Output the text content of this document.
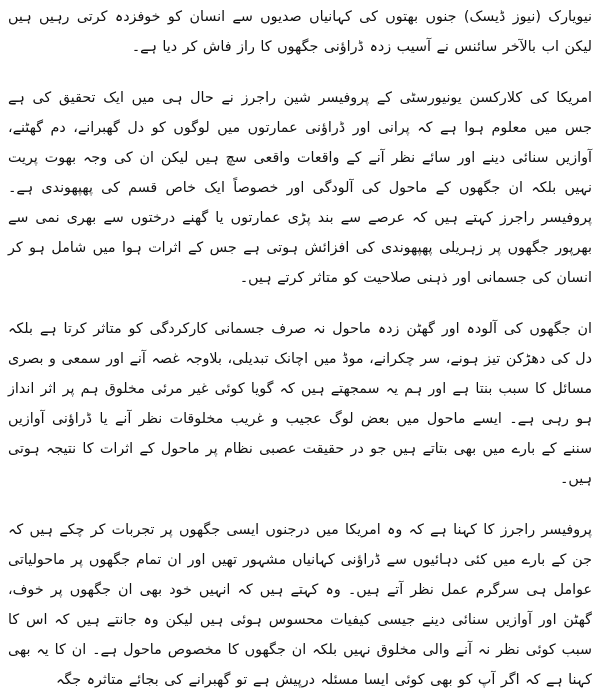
نیویارک (نیوز ڈیسک) جنوں بھتوں کی کہانیاں صدیوں سے انسان کو خوفزدہ کرتی رہیں ہیں لیکن اب بالآخر سائنس نے آسیب زدہ ڈراؤنی جگھوں کا راز فاش کر دیا ہے۔

امریکا کی کلارکسن یونیورسٹی کے پروفیسر شین راجرز نے حال ہی میں ایک تحقیق کی ہے جس میں معلوم ہوا ہے کہ پرانی اور ڈراؤنی عمارتوں میں لوگوں کو دل گھبرانے، دم گھٹنے، آوازیں سنائی دینے اور سائے نظر آنے کے واقعات واقعی سچ ہیں لیکن ان کی وجہ بھوت پریت نہیں بلکہ ان جگھوں کے ماحول کی آلودگی اور خصوصاً ایک خاص قسم کی پھپھوندی ہے۔ پروفیسر راجرز کہتے ہیں کہ عرصے سے بند پڑی عمارتوں یا گھنے درختوں سے بھری نمی سے بھرپور جگھوں پر زہریلی پھپھوندی کی افزائش ہوتی ہے جس کے اثرات ہوا میں شامل ہو کر انسان کی جسمانی اور ذہنی صلاحیت کو متاثر کرتے ہیں۔

ان جگھوں کی آلودہ اور گھٹن زدہ ماحول نہ صرف جسمانی کارکردگی کو متاثر کرتا ہے بلکہ دل کی دھڑکن تیز ہونے، سر چکرانے، موڈ میں اچانک تبدیلی، بلاوجہ غصہ آنے اور سمعی و بصری مسائل کا سبب بنتا ہے اور ہم یہ سمجھتے ہیں کہ گویا کوئی غیر مرئی مخلوق ہم پر اثر انداز ہو رہی ہے۔ ایسے ماحول میں بعض لوگ عجیب و غریب مخلوقات نظر آنے یا ڈراؤنی آوازیں سننے کے بارے میں بھی بتاتے ہیں جو در حقیقت عصبی نظام پر ماحول کے اثرات کا نتیجہ ہوتی ہیں۔

پروفیسر راجرز کا کہنا ہے کہ وہ امریکا میں درجنوں ایسی جگھوں پر تجربات کر چکے ہیں کہ جن کے بارے میں کئی دہائیوں سے ڈراؤنی کہانیاں مشہور تھیں اور ان تمام جگھوں پر ماحولیاتی عوامل ہی سرگرم عمل نظر آتے ہیں۔ وہ کہتے ہیں کہ انہیں خود بھی ان جگھوں پر خوف، گھٹن اور آوازیں سنائی دینے جیسی کیفیات محسوس ہوئی ہیں لیکن وہ جانتے ہیں کہ اس کا سبب کوئی نظر نہ آنے والی مخلوق نہیں بلکہ ان جگھوں کا مخصوص ماحول ہے۔ ان کا یہ بھی کہنا ہے کہ اگر آپ کو بھی کوئی ایسا مسئلہ درپیش ہے تو گھبرانے کی بجائے متاثرہ جگہ
